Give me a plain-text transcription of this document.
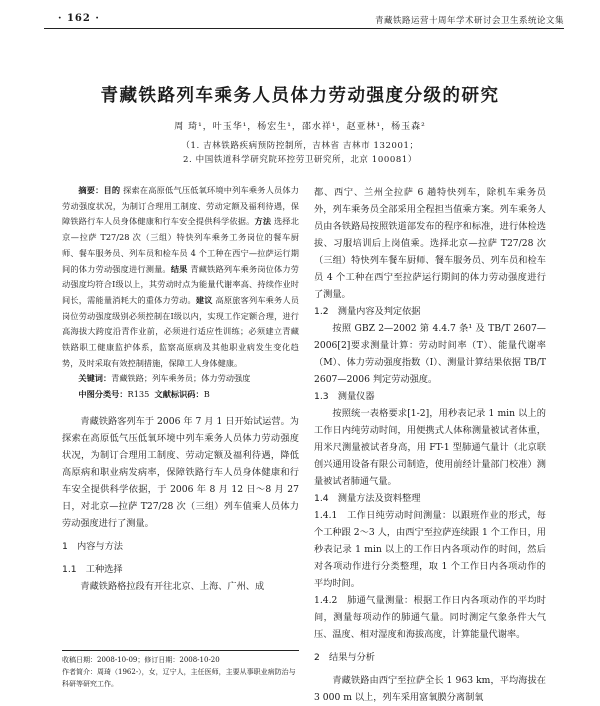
· 162 ·	青藏铁路运营十周年学术研讨会卫生系统论文集
青藏铁路列车乘务人员体力劳动强度分级的研究
周 琦¹，叶玉华¹，杨宏生¹，邵水祥¹，赵亚林¹，杨玉森²
（1. 吉林铁路疾病预防控制所，吉林省 吉林市 132001；
2. 中国铁道科学研究院环控劳卫研究所，北京 100081）

摘要：目的 探索在高原低气压低氧环境中列车乘务人员体力劳动强度状况，为制订合理用工制度、劳动定额及福利待遇，保障铁路行车人员身体健康和行车安全提供科学依据。方法 选择北京—拉萨 T27/28 次（三组）特快列车乘务工务岗位的餐车厨师、餐车服务员、列车员和检车员 4 个工种在西宁—拉萨运行期间的体力劳动强度进行测量。结果 青藏铁路列车乘务岗位体力劳动强度均符合Ⅰ级以上，其劳动时点为能量代谢率高、持续作业时间长，需能量消耗大的重体力劳动。建议 高原旅客列车乘务人员岗位劳动强度级别必须控制在Ⅰ级以内，实现工作定额合理，进行高海拔大跨度沿青作业前，必须进行适应性训练；必须建立青藏铁路职工健康监护体系，监察高原病及其他职业病发生变化趋势，及时采取有效控制措施，保障工人身体健康。

关键词：青藏铁路；列车乘务员；体力劳动强度

中图分类号：R135 文献标识码：B

青藏铁路客列车于 2006 年 7 月 1 日开始试运营。为探索在高原低气压低氧环境中列车乘务人员体力劳动强度状况，为制订合理用工制度、劳动定额及福利待遇，降低高原病和职业病发病率，保障铁路行车人员身体健康和行车安全提供科学依据，于 2006 年 8 月 12 日～8 月 27 日，对北京—拉萨 T27/28 次（三组）列车值乘人员体力劳动强度进行了测量。

1　内容与方法

1.1　工种选择

青藏铁路格拉段有开往北京、上海、广州、成

都、西宁、兰州全拉萨 6 趟特快列车，除机车乘务员外，列车乘务员全部采用全程担当值乘方案。列车乘务人员由各铁路局按照铁道部发布的程序和标准，进行体检选拔、习服培训后上岗值乘。选择北京—拉萨 T27/28 次（三组）特快列车餐车厨师、餐车服务员、列车员和检车员 4 个工种在西宁至拉萨运行期间的体力劳动强度进行了测量。

1.2　测量内容及判定依据

按照 GBZ 2—2002 第 4.4.7 条¹ 及 TB/T 2607—2006[2]要求测量计算：劳动时间率（T）、能量代谢率（M）、体力劳动强度指数（I）、测量计算结果依据 TB/T 2607—2006 判定劳动强度。

1.3　测量仪器

按照统一表格要求[1-2]，用秒表记录 1 min 以上的工作日内纯劳动时间，用便携式人体称测量被试者体重，用米尺测量被试者身高，用 FT-1 型肺通气量计（北京联创兴通用设备有限公司制造，使用前经计量部门校准）测量被试者肺通气量。

1.4　测量方法及资料整理

1.4.1　工作日纯劳动时间测量：以跟班作业的形式，每个工种跟 2～3 人，由西宁至拉萨连续跟 1 个工作日，用秒表记录 1 min 以上的工作日内各项动作的时间，然后对各项动作进行分类整理，取 1 个工作日内各项动作的平均时间。

1.4.2　肺通气量测量：根据工作日内各项动作的平均时间，测量每项动作的肺通气量。同时测定气象条件大气压、温度、相对湿度和海拔高度，计算能量代谢率。

2　结果与分析

青藏铁路由西宁至拉萨全长 1 963 km，平均海拔在 3 000 m 以上，列车采用富氧膜分离制氧

收稿日期：2008-10-09；修订日期：2008-10-20
作者简介：周琦（1962-），女，辽宁人，主任医师，主要从事职业病防治与科研等研究工作。
